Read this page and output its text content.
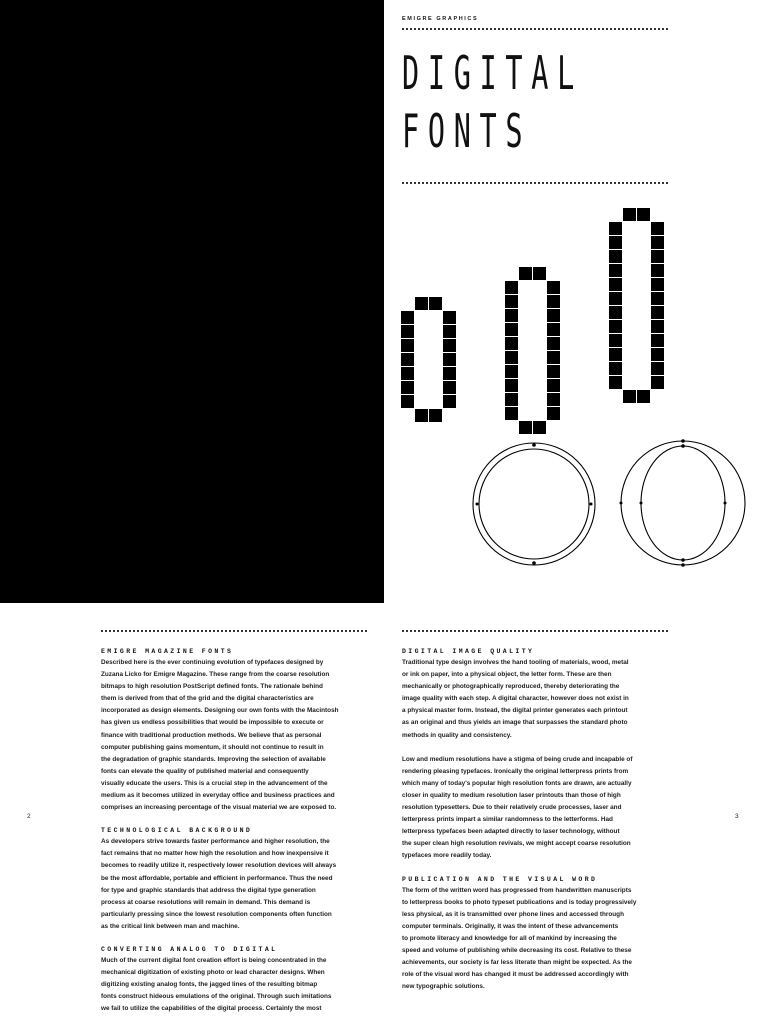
EMIGRE GRAPHICS

DIGITAL
FONTS
EMIGRE MAGAZINE FONTS

Described here is the ever continuing evolution of typefaces designed by

Zuzana Licko for Emigre Magazine. These range from the coarse resolution

bitmaps to high resolution PostScript defined fonts. The rationale behind

them is derived from that of the grid and the digital characteristics are

incorporated as design elements. Designing our own fonts with the Macintosh

has given us endless possibilities that would be impossible to execute or

finance with traditional production methods. We believe that as personal

computer publishing gains momentum, it should not continue to result in

the degradation of graphic standards. Improving the selection of available

fonts can elevate the quality of published material and consequently

visually educate the users. This is a crucial step in the advancement of the

medium as it becomes utilized in everyday office and business practices and

comprises an increasing percentage of the visual material we are exposed to.

TECHNOLOGICAL BACKGROUND

As developers strive towards faster performance and higher resolution, the

fact remains that no matter how high the resolution and how inexpensive it

becomes to readily utilize it, respectively lower resolution devices will always

be the most affordable, portable and efficient in performance. Thus the need

for type and graphic standards that address the digital type generation

process at coarse resolutions will remain in demand. This demand is

particularly pressing since the lowest resolution components often function

as the critical link between man and machine.

CONVERTING ANALOG TO DIGITAL

Much of the current digital font creation effort is being concentrated in the

mechanical digitization of existing photo or lead character designs. When

digitizing existing analog fonts, the jagged lines of the resulting bitmap

fonts construct hideous emulations of the original. Through such imitations

we fail to utilize the capabilities of the digital process. Certainly the most

DIGITAL IMAGE QUALITY

Traditional type design involves the hand tooling of materials, wood, metal

or ink on paper, into a physical object, the letter form. These are then

mechanically or photographically reproduced, thereby deteriorating the

image quality with each step. A digital character, however does not exist in

a physical master form. Instead, the digital printer generates each printout

as an original and thus yields an image that surpasses the standard photo

methods in quality and consistency.

Low and medium resolutions have a stigma of being crude and incapable of

rendering pleasing typefaces. Ironically the original letterpress prints from

which many of today's popular high resolution fonts are drawn, are actually

closer in quality to medium resolution laser printouts than those of high

resolution typesetters. Due to their relatively crude processes, laser and

letterpress prints impart a similar randomness to the letterforms. Had

letterpress typefaces been adapted directly to laser technology, without

the super clean high resolution revivals, we might accept coarse resolution

typefaces more readily today.

PUBLICATION AND THE VISUAL WORD

The form of the written word has progressed from handwritten manuscripts

to letterpress books to photo typeset publications and is today progressively

less physical, as it is transmitted over phone lines and accessed through

computer terminals. Originally, it was the intent of these advancements

to promote literacy and knowledge for all of mankind by increasing the

speed and volume of publishing while decreasing its cost. Relative to these

achievements, our society is far less literate than might be expected. As the

role of the visual word has changed it must be addressed accordingly with

new typographic solutions.

2	3
